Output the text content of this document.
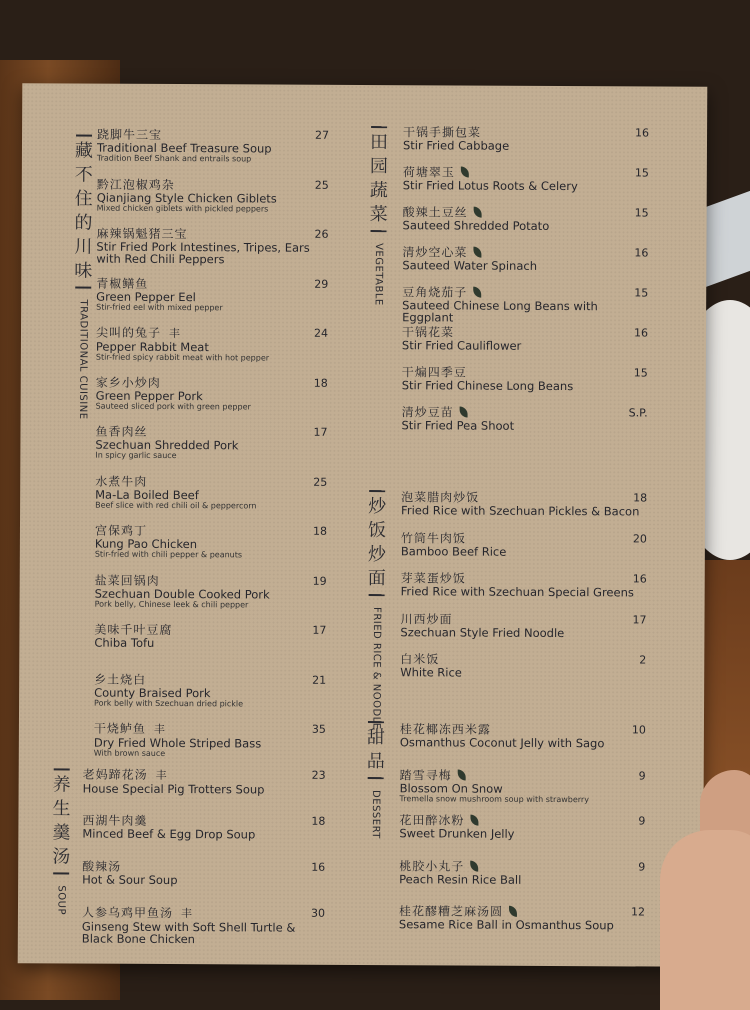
藏不住的川味
TRADITIONAL CUISINE
养生羹汤
SOUP
田园蔬菜
VEGETABLE
炒饭炒面
FRIED RICE & NOODLE
甜品
DESSERT
跷脚牛三宝
Traditional Beef Treasure Soup
Tradition Beef Shank and entrails soup
27
黔江泡椒鸡杂
Qianjiang Style Chicken Giblets
Mixed chicken giblets with pickled peppers
25
麻辣锅魁猪三宝
Stir Fried Pork Intestines, Tripes, Ears with Red Chili Peppers
26
青椒鳝鱼
Green Pepper Eel
Stir-fried eel with mixed pepper
29
尖叫的兔子 丰
Pepper Rabbit Meat
Stir-fried spicy rabbit meat with hot pepper
24
家乡小炒肉
Green Pepper Pork
Sauteed sliced pork with green pepper
18
鱼香肉丝
Szechuan Shredded Pork
In spicy garlic sauce
17
水煮牛肉
Ma-La Boiled Beef
Beef slice with red chili oil & peppercorn
25
宫保鸡丁
Kung Pao Chicken
Stir-fried with chili pepper & peanuts
18
盐菜回锅肉
Szechuan Double Cooked Pork
Pork belly, Chinese leek & chili pepper
19
美味千叶豆腐
Chiba Tofu
17
乡土烧白
County Braised Pork
Pork belly with Szechuan dried pickle
21
干烧鲈鱼 丰
Dry Fried Whole Striped Bass
With brown sauce
35
老妈蹄花汤 丰
House Special Pig Trotters Soup
23
西湖牛肉羹
Minced Beef & Egg Drop Soup
18
酸辣汤
Hot & Sour Soup
16
人参乌鸡甲鱼汤 丰
Ginseng Stew with Soft Shell Turtle & Black Bone Chicken
30
干锅手撕包菜
Stir Fried Cabbage
16
荷塘翠玉
Stir Fried Lotus Roots & Celery
15
酸辣土豆丝
Sauteed Shredded Potato
15
清炒空心菜
Sauteed Water Spinach
16
豆角烧茄子
Sauteed Chinese Long Beans with Eggplant
15
干锅花菜
Stir Fried Cauliflower
16
干煸四季豆
Stir Fried Chinese Long Beans
15
清炒豆苗
Stir Fried Pea Shoot
S.P.
泡菜腊肉炒饭
Fried Rice with Szechuan Pickles & Bacon
18
竹筒牛肉饭
Bamboo Beef Rice
20
芽菜蛋炒饭
Fried Rice with Szechuan Special Greens
16
川西炒面
Szechuan Style Fried Noodle
17
白米饭
White Rice
2
桂花椰冻西米露
Osmanthus Coconut Jelly with Sago
10
踏雪寻梅
Blossom On Snow
Tremella snow mushroom soup with strawberry
9
花田醉冰粉
Sweet Drunken Jelly
9
桃胶小丸子
Peach Resin Rice Ball
9
桂花醪糟芝麻汤圆
Sesame Rice Ball in Osmanthus Soup
12
